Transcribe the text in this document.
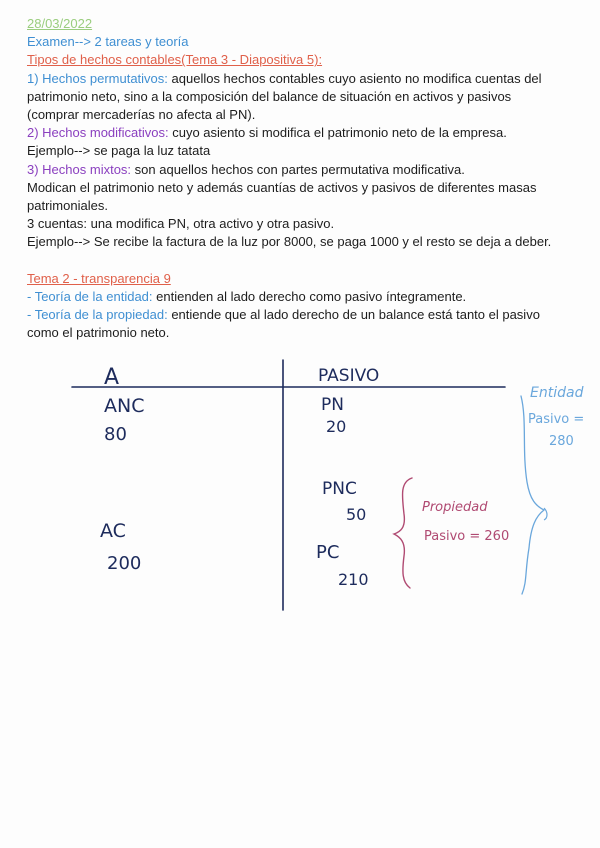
28/03/2022
Examen--> 2 tareas y teoría
Tipos de hechos contables(Tema 3 - Diapositiva 5):
1) Hechos permutativos: aquellos hechos contables cuyo asiento no modifica cuentas del
patrimonio neto, sino a la composición del balance de situación en activos y pasivos
(comprar mercaderías no afecta al PN).
2) Hechos modificativos: cuyo asiento si modifica el patrimonio neto de la empresa.
Ejemplo--> se paga la luz tatata
3) Hechos mixtos: son aquellos hechos con partes permutativa modificativa.
Modican el patrimonio neto y además cuantías de activos y pasivos de diferentes masas
patrimoniales.
3 cuentas: una modifica PN, otra activo y otra pasivo.
Ejemplo--> Se recibe la factura de la luz por 8000, se paga 1000 y el resto se deja a deber.
Tema 2 - transparencia 9
- Teoría de la entidad: entienden al lado derecho como pasivo íntegramente.
- Teoría de la propiedad: entiende que al lado derecho de un balance está tanto el pasivo
como el patrimonio neto.
A
ANC
80
AC
200
PASIVO
PN
20
PNC
50
PC
210
Propiedad
Pasivo = 260
Entidad
Pasivo =
280
